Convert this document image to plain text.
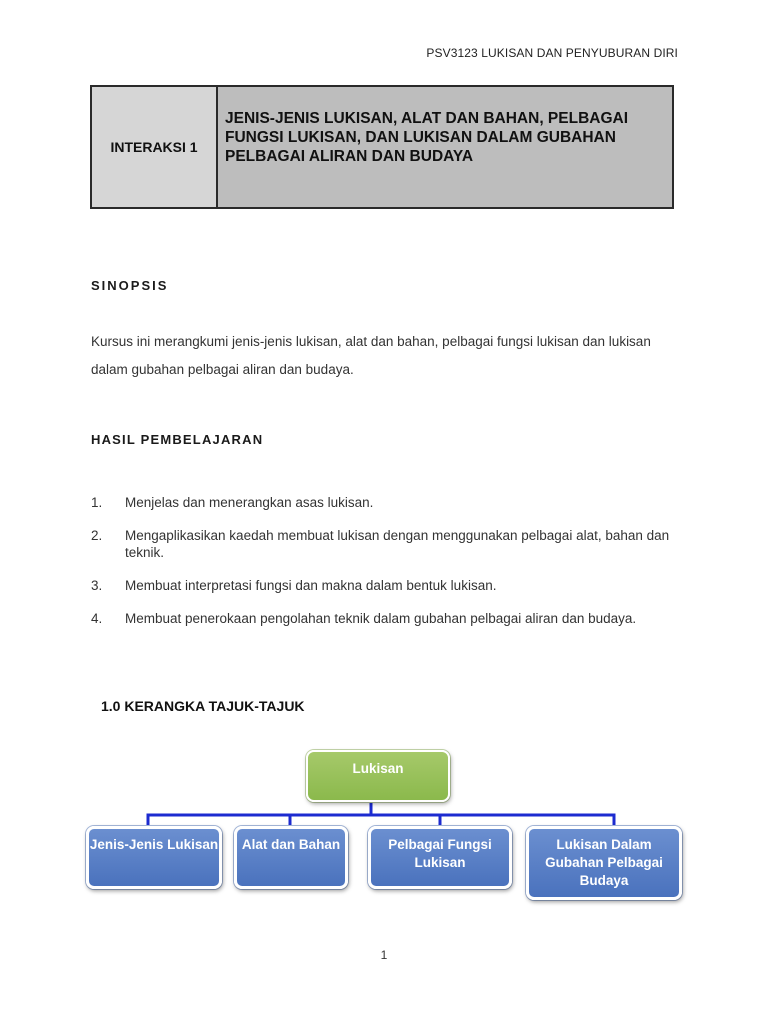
PSV3123 LUKISAN DAN PENYUBURAN DIRI
INTERAKSI 1
JENIS-JENIS LUKISAN, ALAT DAN BAHAN, PELBAGAI FUNGSI LUKISAN, DAN LUKISAN DALAM GUBAHAN PELBAGAI ALIRAN DAN BUDAYA
SINOPSIS

Kursus ini merangkumi jenis-jenis lukisan, alat dan bahan, pelbagai fungsi lukisan dan lukisan dalam gubahan pelbagai aliran dan budaya.

HASIL PEMBELAJARAN
1.	Menjelas dan menerangkan asas lukisan.
2.	Mengaplikasikan kaedah membuat lukisan dengan menggunakan pelbagai alat, bahan dan teknik.
3.	Membuat interpretasi fungsi dan makna dalam bentuk lukisan.
4.	Membuat penerokaan pengolahan teknik dalam gubahan pelbagai aliran dan budaya.
1.0 KERANGKA TAJUK-TAJUK
Lukisan
Jenis-Jenis Lukisan	Alat dan Bahan	Pelbagai Fungsi Lukisan
Lukisan Dalam Gubahan Pelbagai Budaya
1
